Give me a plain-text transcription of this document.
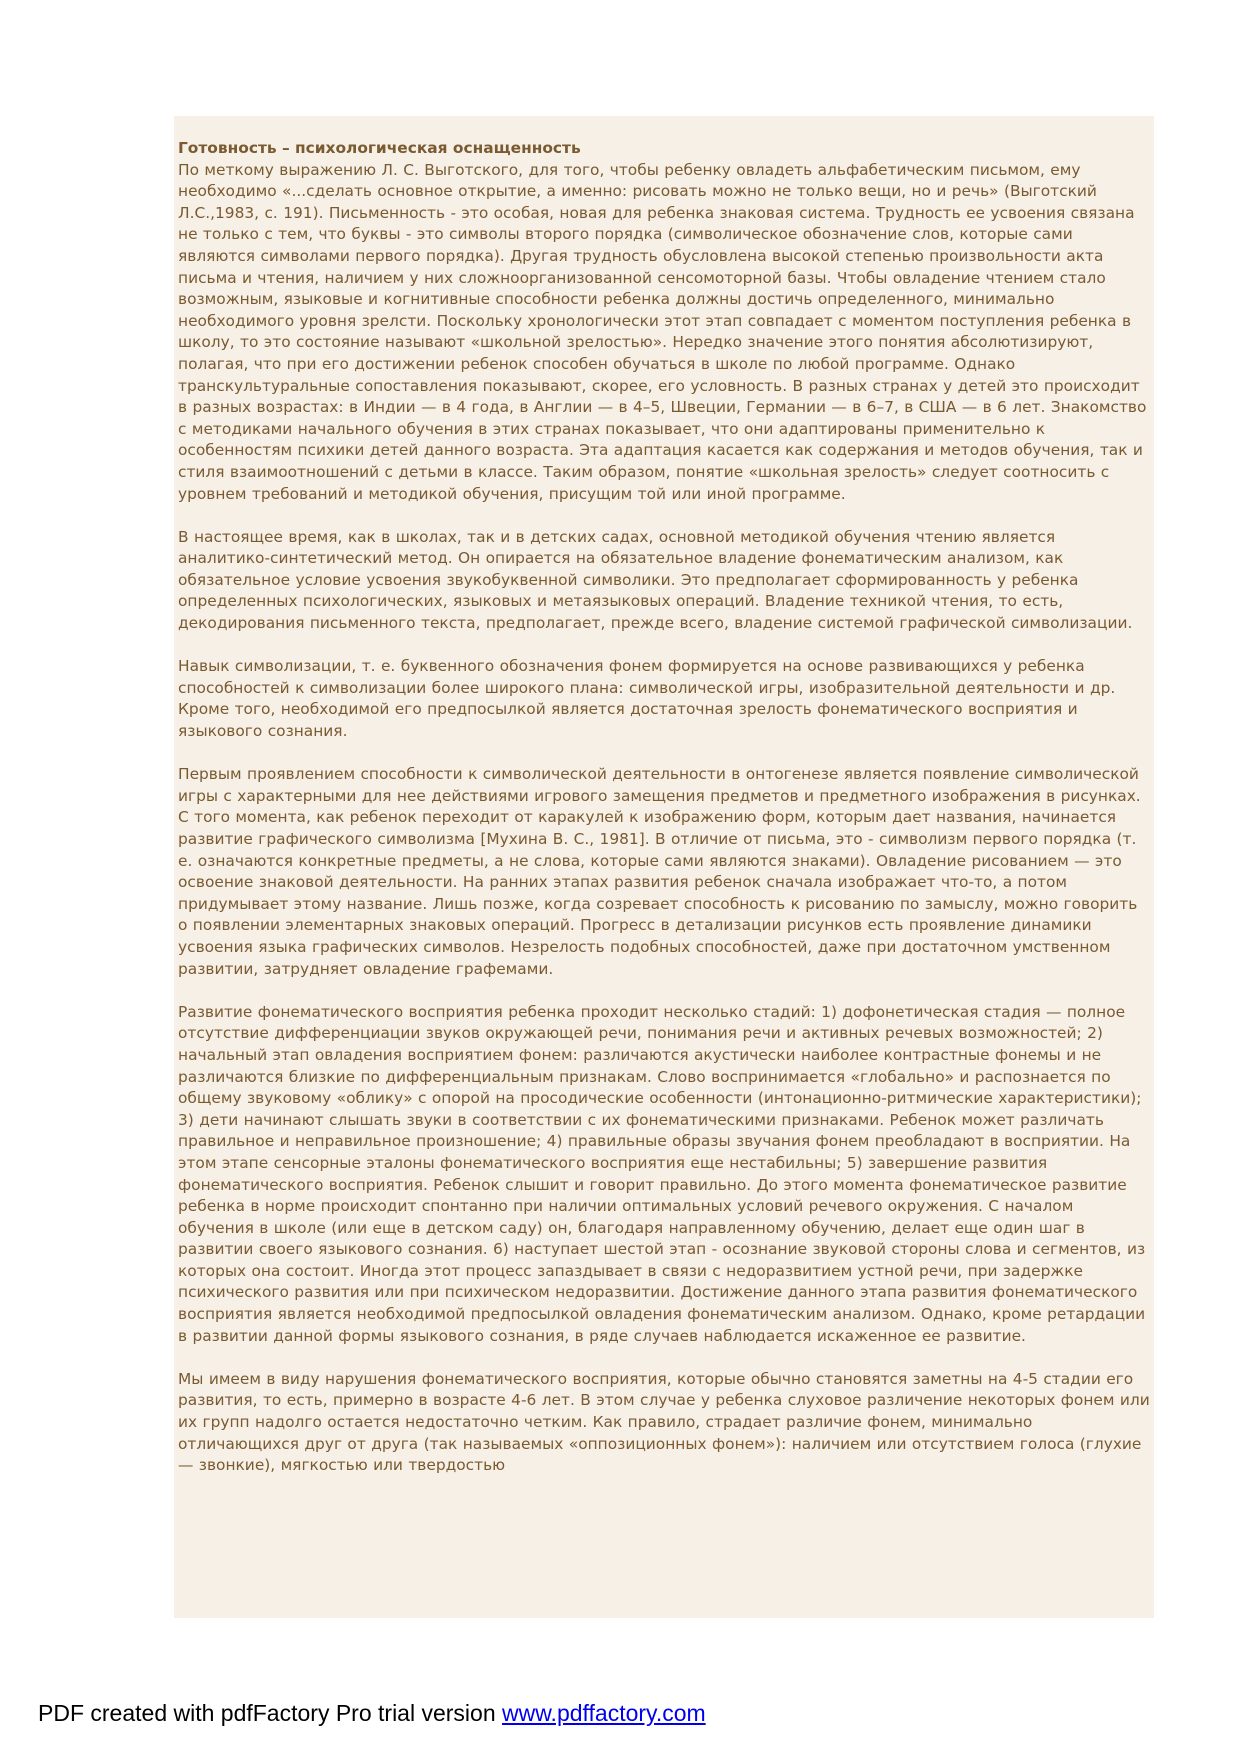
Готовность – психологическая оснащенность

По меткому выражению Л. С. Выготского, для того, чтобы ребенку овладеть альфабетическим письмом, ему необходимо «...сделать основное открытие, а именно: рисовать можно не только вещи, но и речь» (Выготский Л.С.,1983, с. 191). Письменность - это особая, новая для ребенка знаковая система. Трудность ее усвоения связана не только с тем, что буквы - это символы второго порядка (символическое обозначение слов, которые сами являются символами первого порядка). Другая трудность обусловлена высокой степенью произвольности акта письма и чтения, наличием у них сложноорганизованной сенсомоторной базы. Чтобы овладение чтением стало возможным, языковые и когнитивные способности ребенка должны достичь определенного, минимально необходимого уровня зрелсти. Поскольку хронологически этот этап совпадает с моментом поступления ребенка в школу, то это состояние называют «школьной зрелостью». Нередко значение этого понятия абсолютизируют, полагая, что при его достижении ребенок способен обучаться в школе по любой программе. Однако транскультуральные сопоставления показывают, скорее, его условность. В разных странах у детей это происходит в разных возрастах: в Индии — в 4 года, в Англии — в 4–5, Швеции, Германии — в 6–7, в США — в 6 лет. Знакомство с методиками начального обучения в этих странах показывает, что они адаптированы применительно к особенностям психики детей данного возраста. Эта адаптация касается как содержания и методов обучения, так и стиля взаимоотношений с детьми в классе. Таким образом, понятие «школьная зрелость» следует соотносить с уровнем требований и методикой обучения, присущим той или иной программе.

В настоящее время, как в школах, так и в детских садах, основной методикой обучения чтению является аналитико-синтетический метод. Он опирается на обязательное владение фонематическим анализом, как обязательное условие усвоения звукобуквенной символики. Это предполагает сформированность у ребенка определенных психологических, языковых и метаязыковых операций. Владение техникой чтения, то есть, декодирования письменного текста, предполагает, прежде всего, владение системой графической символизации.

Навык символизации, т. е. буквенного обозначения фонем формируется на основе развивающихся у ребенка способностей к символизации более широкого плана: символической игры, изобразительной деятельности и др. Кроме того, необходимой его предпосылкой является достаточная зрелость фонематического восприятия и языкового сознания.

Первым проявлением способности к символической деятельности в онтогенезе является появление символической игры с характерными для нее действиями игрового замещения предметов и предметного изображения в рисунках. С того момента, как ребенок переходит от каракулей к изображению форм, которым дает названия, начинается развитие графического символизма [Мухина В. С., 1981]. В отличие от письма, это - символизм первого порядка (т. е. означаются конкретные предметы, а не слова, которые сами являются знаками). Овладение рисованием — это освоение знаковой деятельности. На ранних этапах развития ребенок сначала изображает что-то, а потом придумывает этому название. Лишь позже, когда созревает способность к рисованию по замыслу, можно говорить о появлении элементарных знаковых операций. Прогресс в детализации рисунков есть проявление динамики усвоения языка графических символов. Незрелость подобных способностей, даже при достаточном умственном развитии, затрудняет овладение графемами.

Развитие фонематического восприятия ребенка проходит несколько стадий: 1) дофонетическая стадия — полное отсутствие дифференциации звуков окружающей речи, понимания речи и активных речевых возможностей; 2) начальный этап овладения восприятием фонем: различаются акустически наиболее контрастные фонемы и не различаются близкие по дифференциальным признакам. Слово воспринимается «глобально» и распознается по общему звуковому «облику» с опорой на просодические особенности (интонационно-ритмические характеристики); 3) дети начинают слышать звуки в соответствии с их фонематическими признаками. Ребенок может различать правильное и неправильное произношение; 4) правильные образы звучания фонем преобладают в восприятии. На этом этапе сенсорные эталоны фонематического восприятия еще нестабильны; 5) завершение развития фонематического восприятия. Ребенок слышит и говорит правильно. До этого момента фонематическое развитие ребенка в норме происходит спонтанно при наличии оптимальных условий речевого окружения. С началом обучения в школе (или еще в детском саду) он, благодаря направленному обучению, делает еще один шаг в развитии своего языкового сознания. 6) наступает шестой этап - осознание звуковой стороны слова и сегментов, из которых она состоит. Иногда этот процесс запаздывает в связи с недоразвитием устной речи, при задержке психического развития или при психическом недоразвитии. Достижение данного этапа развития фонематического восприятия является необходимой предпосылкой овладения фонематическим анализом. Однако, кроме ретардации в развитии данной формы языкового сознания, в ряде случаев наблюдается искаженное ее развитие.

Мы имеем в виду нарушения фонематического восприятия, которые обычно становятся заметны на 4-5 стадии его развития, то есть, примерно в возрасте 4-6 лет. В этом случае у ребенка слуховое различение некоторых фонем или их групп надолго остается недостаточно четким. Как правило, страдает различие фонем, минимально отличающихся друг от друга (так называемых «оппозиционных фонем»): наличием или отсутствием голоса (глухие — звонкие), мягкостью или твердостью

PDF created with pdfFactory Pro trial version www.pdffactory.com
